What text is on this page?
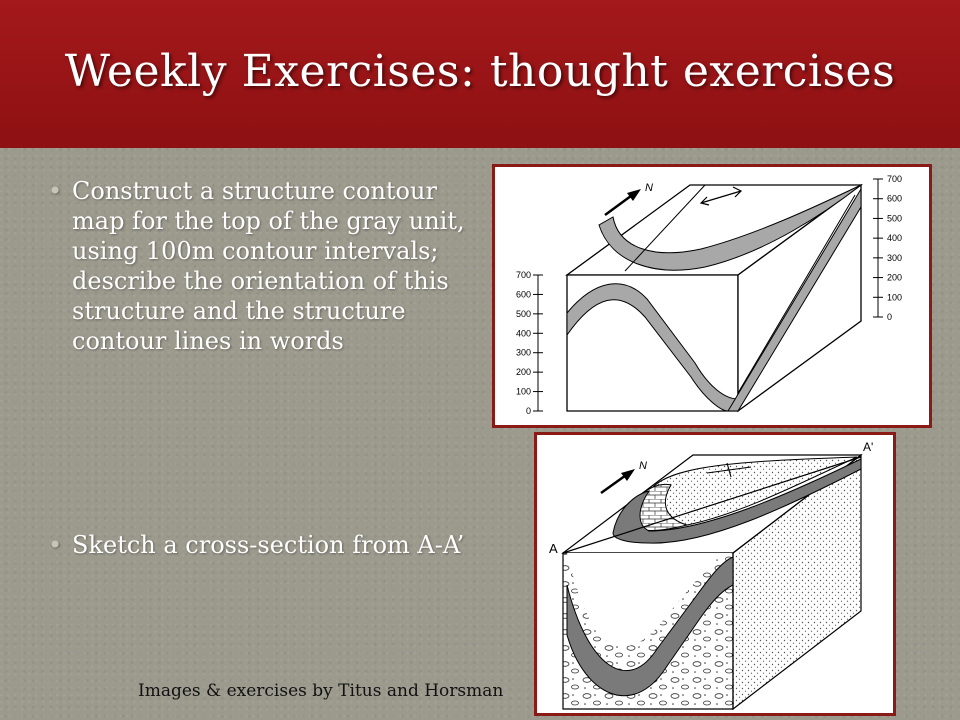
Weekly Exercises: thought exercises
• Construct a structure contour map for the top of the gray unit, using 100m contour intervals; describe the orientation of this structure and the structure contour lines in words
• Sketch a cross-section from A-A’
Images & exercises by Titus and Horsman
700
600
500
400
300
200
100
0
700
600
500
400
300
200
100
0
N
A
A'
N
